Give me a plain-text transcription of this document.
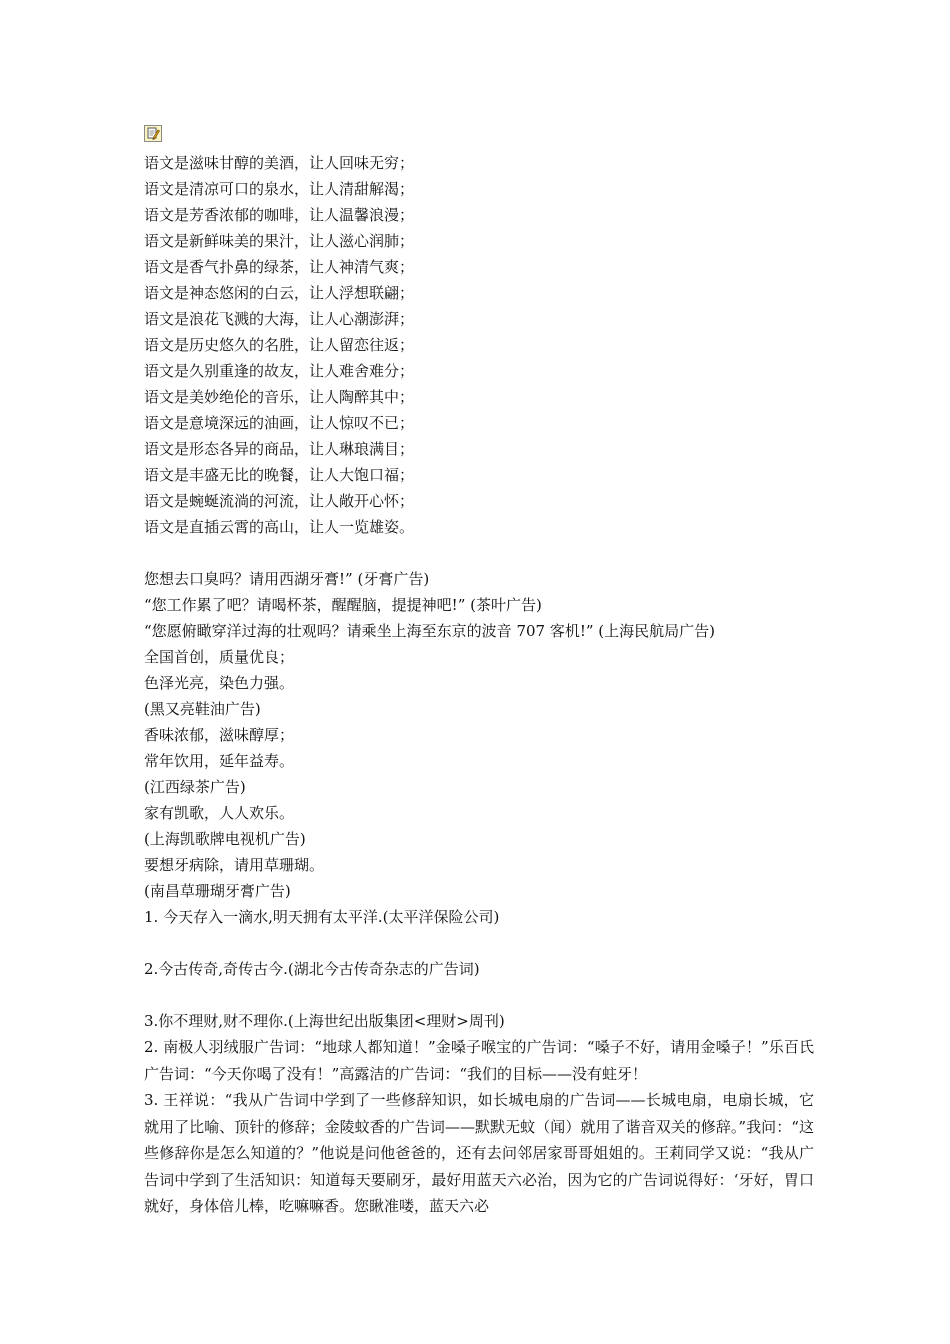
语文是滋味甘醇的美酒，让人回味无穷；
语文是清凉可口的泉水，让人清甜解渴；
语文是芳香浓郁的咖啡，让人温馨浪漫；
语文是新鲜味美的果汁，让人滋心润肺；
语文是香气扑鼻的绿茶，让人神清气爽；
语文是神态悠闲的白云，让人浮想联翩；
语文是浪花飞溅的大海，让人心潮澎湃；
语文是历史悠久的名胜，让人留恋往返；
语文是久别重逢的故友，让人难舍难分；
语文是美妙绝伦的音乐，让人陶醉其中；
语文是意境深远的油画，让人惊叹不已；
语文是形态各异的商品，让人琳琅满目；
语文是丰盛无比的晚餐，让人大饱口福；
语文是蜿蜒流淌的河流，让人敞开心怀；
语文是直插云霄的高山，让人一览雄姿。
您想去口臭吗？请用西湖牙膏!” (牙膏广告)
“您工作累了吧？请喝杯茶，醒醒脑，提提神吧!” (茶叶广告)
“您愿俯瞰穿洋过海的壮观吗？请乘坐上海至东京的波音 707 客机!” (上海民航局广告)
全国首创，质量优良；
色泽光亮，染色力强。
(黑又亮鞋油广告)
香味浓郁，滋味醇厚；
常年饮用，延年益寿。
(江西绿茶广告)
家有凯歌，人人欢乐。
(上海凯歌牌电视机广告)
要想牙病除，请用草珊瑚。
(南昌草珊瑚牙膏广告)
1. 今天存入一滴水,明天拥有太平洋.(太平洋保险公司)
2.今古传奇,奇传古今.(湖北今古传奇杂志的广告词)
3.你不理财,财不理你.(上海世纪出版集团<理财>周刊)
2. 南极人羽绒服广告词：“地球人都知道！”金嗓子喉宝的广告词：“嗓子不好，请用金嗓子！”乐百氏广告词：“今天你喝了没有！”高露洁的广告词：“我们的目标——没有蛀牙！
3. 王祥说：“我从广告词中学到了一些修辞知识，如长城电扇的广告词——长城电扇，电扇长城，它就用了比喻、顶针的修辞；金陵蚊香的广告词——默默无蚊（闻）就用了谐音双关的修辞。”我问：“这些修辞你是怎么知道的？”他说是问他爸爸的，还有去问邻居家哥哥姐姐的。王莉同学又说：“我从广告词中学到了生活知识：知道每天要刷牙，最好用蓝天六必治，因为它的广告词说得好：‘牙好，胃口就好，身体倍儿棒，吃嘛嘛香。您瞅准喽，蓝天六必
